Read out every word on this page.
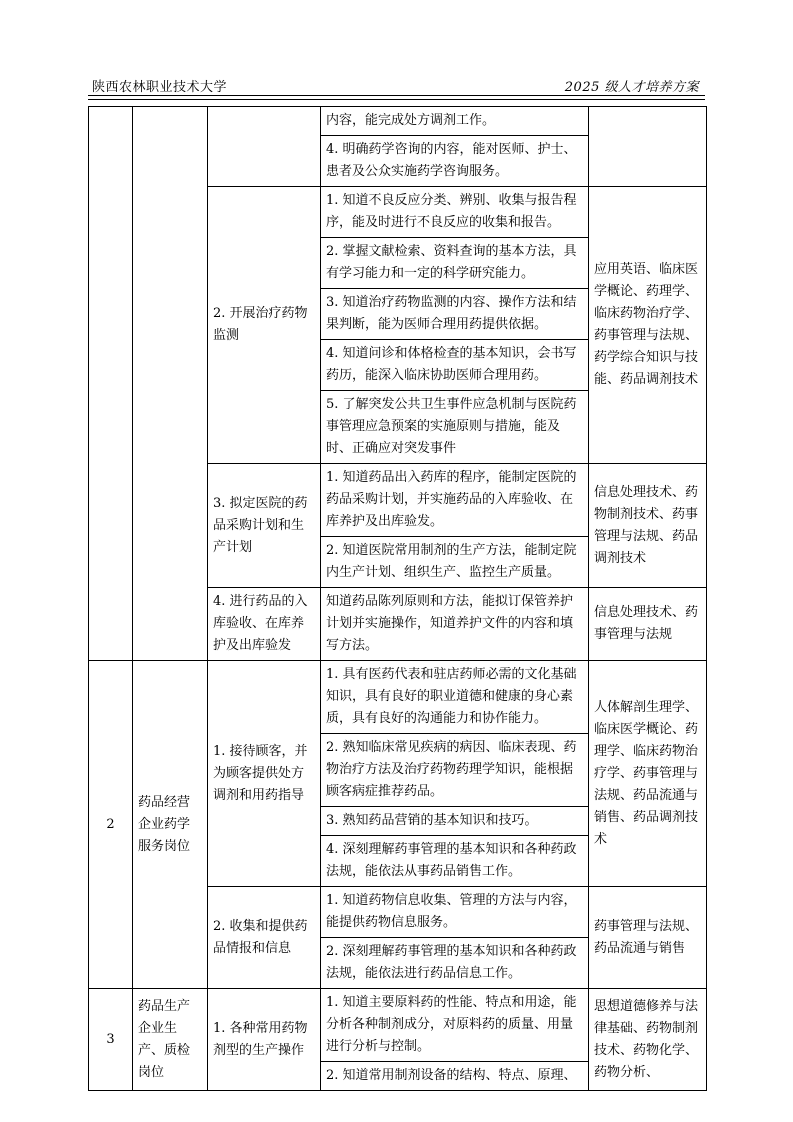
陕西农林职业技术大学	2025 级人才培养方案
			内容，能完成处方调剂工作。	
			4. 明确药学咨询的内容，能对医师、护士、患者及公众实施药学咨询服务。	
		2. 开展治疗药物监测	1. 知道不良反应分类、辨别、收集与报告程序，能及时进行不良反应的收集和报告。	应用英语、临床医学概论、药理学、临床药物治疗学、药事管理与法规、药学综合知识与技能、药品调剂技术
			2. 掌握文献检索、资料查询的基本方法，具有学习能力和一定的科学研究能力。	
			3. 知道治疗药物监测的内容、操作方法和结果判断，能为医师合理用药提供依据。	
			4. 知道问诊和体格检查的基本知识，会书写药历，能深入临床协助医师合理用药。	
			5. 了解突发公共卫生事件应急机制与医院药事管理应急预案的实施原则与措施，能及时、正确应对突发事件	
		3. 拟定医院的药品采购计划和生产计划	1. 知道药品出入药库的程序，能制定医院的药品采购计划，并实施药品的入库验收、在库养护及出库验发。	信息处理技术、药物制剂技术、药事管理与法规、药品调剂技术
			2. 知道医院常用制剂的生产方法，能制定院内生产计划、组织生产、监控生产质量。	
		4. 进行药品的入库验收、在库养护及出库验发	知道药品陈列原则和方法，能拟订保管养护计划并实施操作，知道养护文件的内容和填写方法。	信息处理技术、药事管理与法规

2	药品经营企业药学服务岗位	1. 接待顾客，并为顾客提供处方调剂和用药指导	1. 具有医药代表和驻店药师必需的文化基础知识，具有良好的职业道德和健康的身心素质，具有良好的沟通能力和协作能力。	人体解剖生理学、临床医学概论、药理学、临床药物治疗学、药事管理与法规、药品流通与销售、药品调剂技术
			2. 熟知临床常见疾病的病因、临床表现、药物治疗方法及治疗药物药理学知识，能根据顾客病症推荐药品。	
			3. 熟知药品营销的基本知识和技巧。	
			4. 深刻理解药事管理的基本知识和各种药政法规，能依法从事药品销售工作。	
		2. 收集和提供药品情报和信息	1. 知道药物信息收集、管理的方法与内容，能提供药物信息服务。	药事管理与法规、药品流通与销售
			2. 深刻理解药事管理的基本知识和各种药政法规，能依法进行药品信息工作。	
3	药品生产企业生产、质检岗位	1. 各种常用药物剂型的生产操作	1. 知道主要原料药的性能、特点和用途，能分析各种制剂成分，对原料药的质量、用量进行分析与控制。	思想道德修养与法律基础、药物制剂技术、药物化学、药物分析、
			2. 知道常用制剂设备的结构、特点、原理、	
